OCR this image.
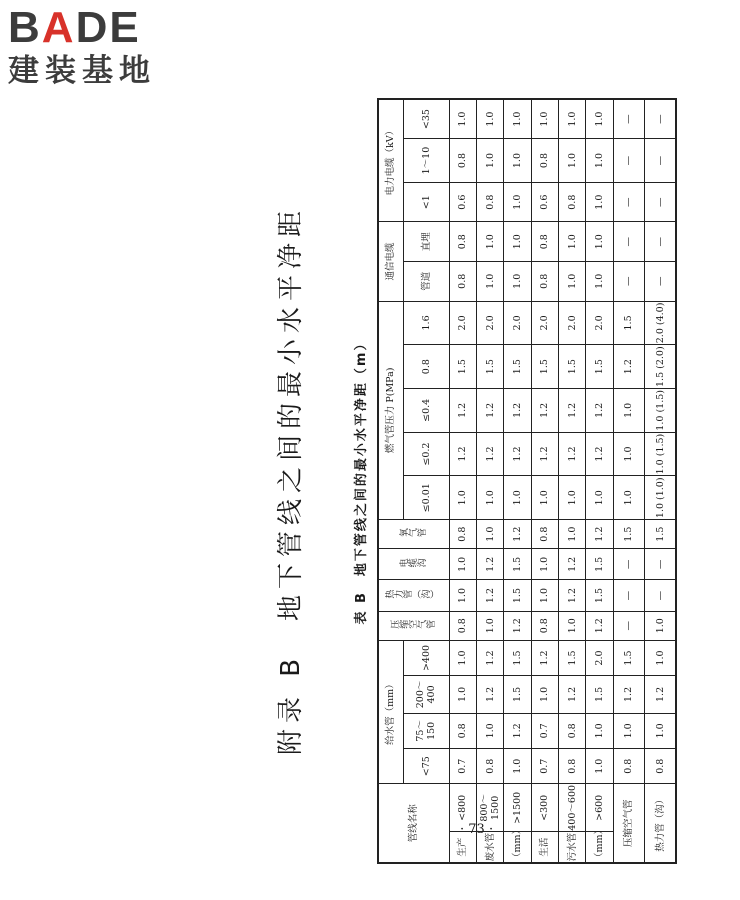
BADE
建装基地
附录 B　地下管线之间的最小水平净距	表 B　地下管线之间的最小水平净距（m）
管线名称		给水管（mm）				压缩空气管	热力管（沟）	电缆沟	氧气管	燃气管压力 P(MPa)					通信电缆		电力电缆（kV）		
		<75	75～150	200～400	>400					≤0.01	≤0.2	≤0.4	0.8	1.6	管道	直埋	<1	1～10	<35
生产	<800	0.7	0.8	1.0	1.0	0.8	1.0	1.0	0.8	1.0	1.2	1.2	1.5	2.0	0.8	0.8	0.6	0.8	1.0
废水管	800～1500	0.8	1.0	1.2	1.2	1.0	1.2	1.2	1.0	1.0	1.2	1.2	1.5	2.0	1.0	1.0	0.8	1.0	1.0
（mm）	>1500	1.0	1.2	1.5	1.5	1.2	1.5	1.5	1.2	1.0	1.2	1.2	1.5	2.0	1.0	1.0	1.0	1.0	1.0
生活	<300	0.7	0.7	1.0	1.2	0.8	1.0	1.0	0.8	1.0	1.2	1.2	1.5	2.0	0.8	0.8	0.6	0.8	1.0
污水管	400～600	0.8	0.8	1.2	1.5	1.0	1.2	1.2	1.0	1.0	1.2	1.2	1.5	2.0	1.0	1.0	0.8	1.0	1.0
（mm）	>600	1.0	1.0	1.5	2.0	1.2	1.5	1.5	1.2	1.0	1.2	1.2	1.5	2.0	1.0	1.0	1.0	1.0	1.0
压缩空气管		0.8	1.0	1.2	1.5	—	—	—	1.5	1.0	1.0	1.0	1.2	1.5	—	—	—	—	—
热力管（沟）		0.8	1.0	1.2	1.0	1.0	—	—	1.5	1.0 (1.0)	1.0 (1.5)	1.0 (1.5)	1.5 (2.0)	2.0 (4.0)	—	—	—	—	—
· 73 ·
